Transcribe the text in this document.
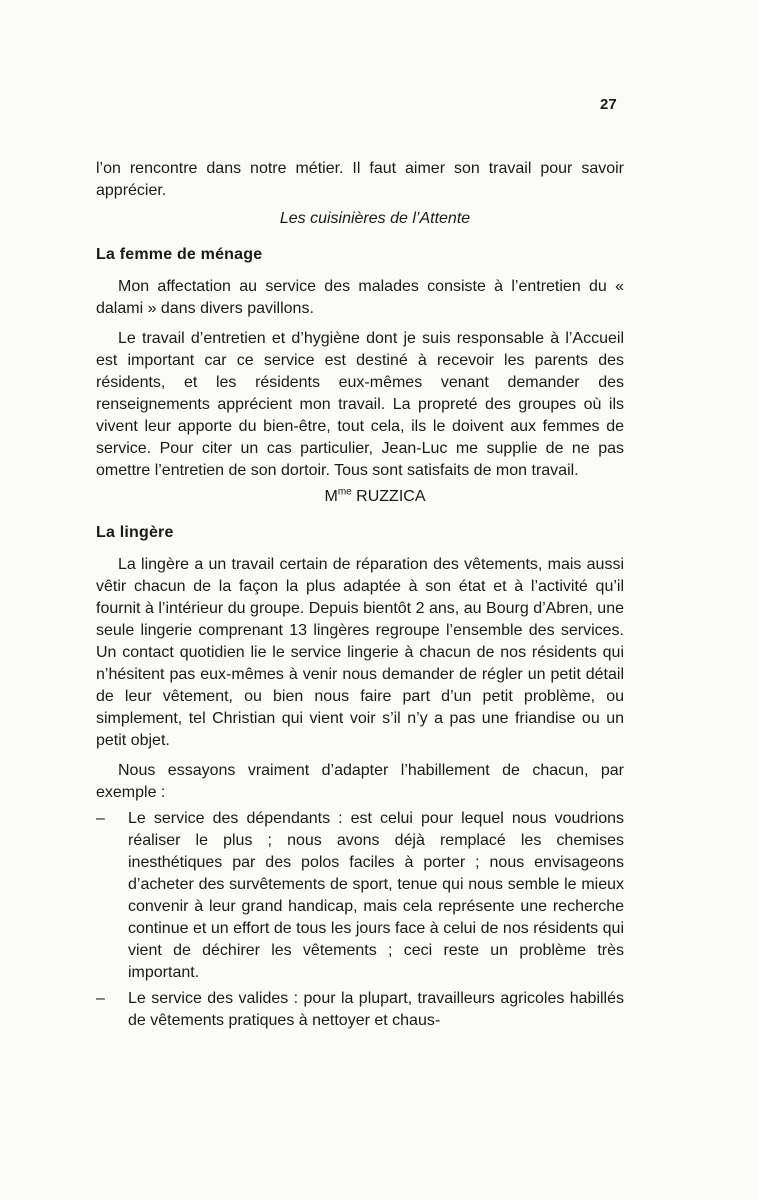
27

l’on rencontre dans notre métier. Il faut aimer son travail pour savoir apprécier.

Les cuisinières de l’Attente
La femme de ménage

Mon affectation au service des malades consiste à l’entretien du « dalami » dans divers pavillons.

Le travail d’entretien et d’hygiène dont je suis responsable à l’Accueil est important car ce service est destiné à recevoir les parents des résidents, et les résidents eux-mêmes venant demander des renseignements apprécient mon travail. La propreté des groupes où ils vivent leur apporte du bien-être, tout cela, ils le doivent aux femmes de service. Pour citer un cas particulier, Jean-Luc me supplie de ne pas omettre l’entretien de son dortoir. Tous sont satisfaits de mon travail.

$M^{me}$ RUZZICA
La lingère

La lingère a un travail certain de réparation des vêtements, mais aussi vêtir chacun de la façon la plus adaptée à son état et à l’activité qu’il fournit à l’intérieur du groupe. Depuis bientôt 2 ans, au Bourg d’Abren, une seule lingerie comprenant 13 lingères regroupe l’ensemble des services. Un contact quotidien lie le service lingerie à chacun de nos résidents qui n’hésitent pas eux-mêmes à venir nous demander de régler un petit détail de leur vêtement, ou bien nous faire part d’un petit problème, ou simplement, tel Christian qui vient voir s’il n’y a pas une friandise ou un petit objet.

Nous essayons vraiment d’adapter l’habillement de chacun, par exemple :

– Le service des dépendants : est celui pour lequel nous voudrions réaliser le plus ; nous avons déjà remplacé les chemises inesthétiques par des polos faciles à porter ; nous envisageons d’acheter des survêtements de sport, tenue qui nous semble le mieux convenir à leur grand handicap, mais cela représente une recherche continue et un effort de tous les jours face à celui de nos résidents qui vient de déchirer les vêtements ; ceci reste un problème très important.
– Le service des valides : pour la plupart, travailleurs agricoles habillés de vêtements pratiques à nettoyer et chaus-
